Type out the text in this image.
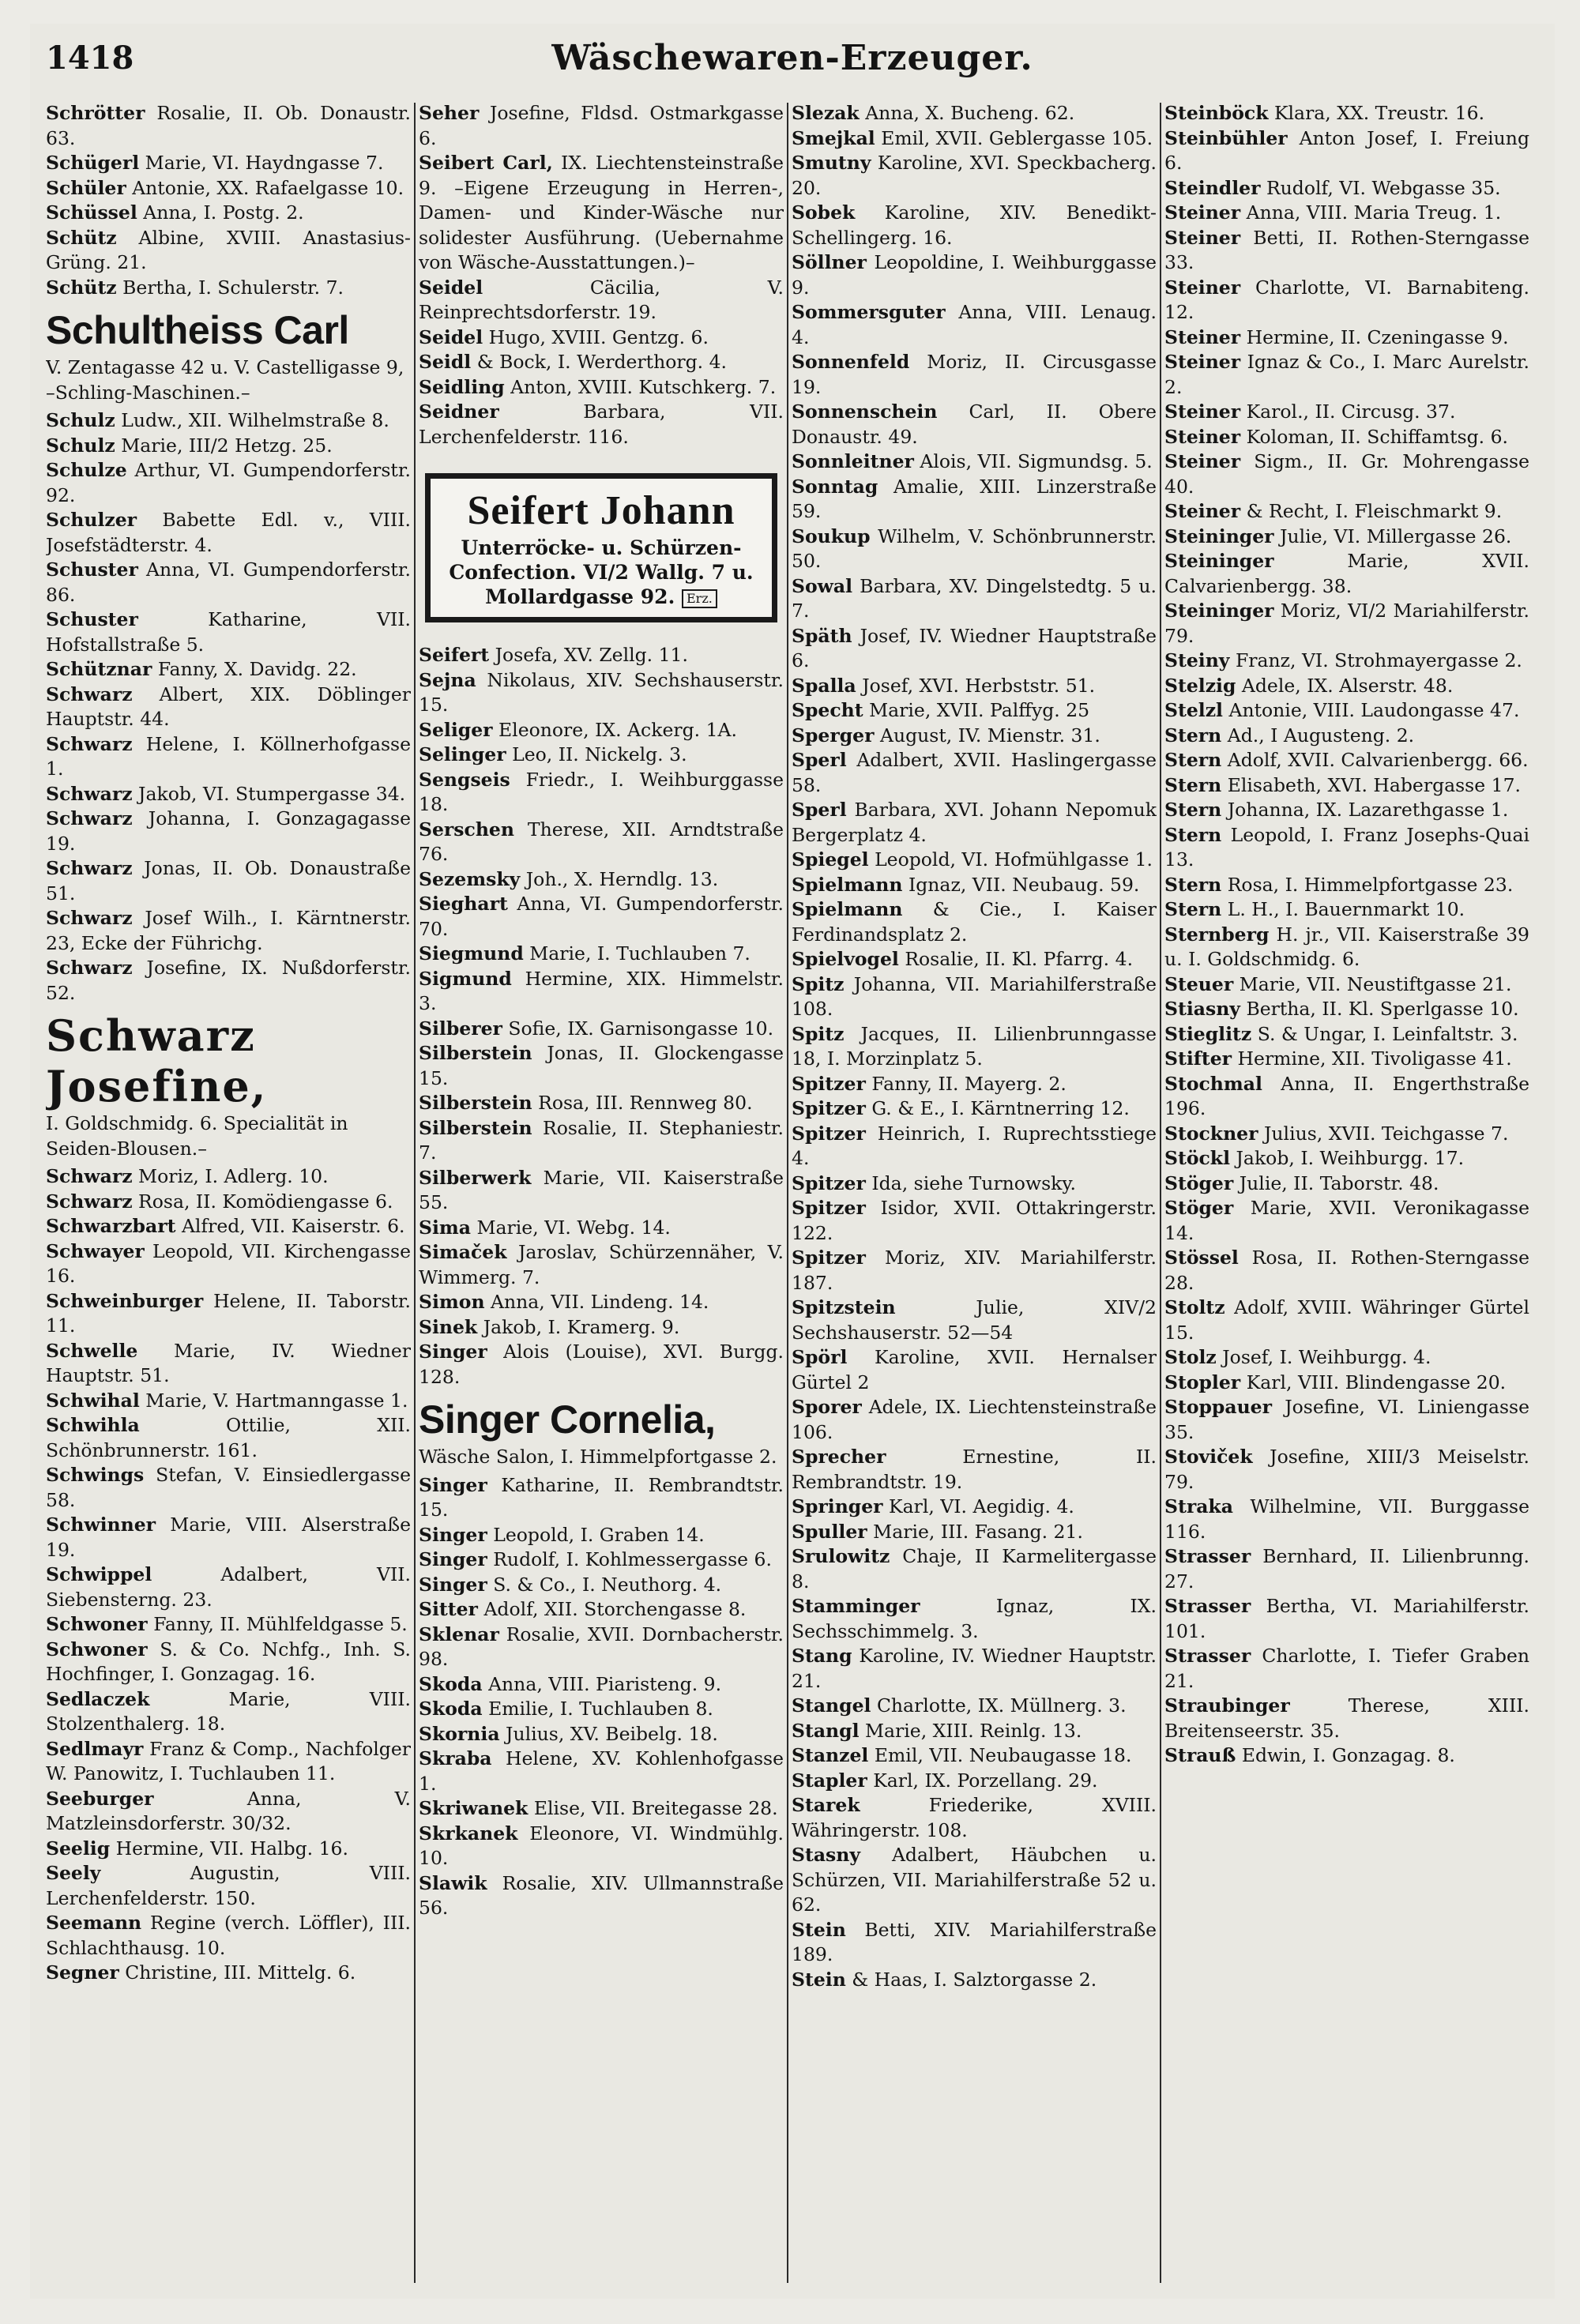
1418	Wäschewaren-Erzeuger.

Schrötter Rosalie, II. Ob. Donaustr. 63.

Schügerl Marie, VI. Haydngasse 7.

Schüler Antonie, XX. Rafaelgasse 10.

Schüssel Anna, I. Postg. 2.

Schütz Albine, XVIII. Anastasius-Grüng. 21.

Schütz Bertha, I. Schulerstr. 7.

Schultheiss Carl

V. Zentagasse 42 u. V. Castelligasse 9, –Schling-Maschinen.–

Schulz Ludw., XII. Wilhelmstraße 8.

Schulz Marie, III/2 Hetzg. 25.

Schulze Arthur, VI. Gumpendorferstr. 92.

Schulzer Babette Edl. v., VIII. Josefstädterstr. 4.

Schuster Anna, VI. Gumpendorferstr. 86.

Schuster	Katharine, VII. Hofstallstraße 5.

Schütznar Fanny, X. Davidg. 22.

Schwarz Albert, XIX. Döblinger Hauptstr. 44.

Schwarz Helene, I. Köllnerhofgasse 1.

Schwarz Jakob, VI. Stumpergasse 34.

Schwarz Johanna, I. Gonzagagasse 19.

Schwarz Jonas, II. Ob. Donaustraße 51.

Schwarz Josef Wilh., I. Kärntnerstr. 23, Ecke der Führichg.

Schwarz Josefine, IX. Nußdorferstr. 52.

Schwarz Josefine,

I. Goldschmidg. 6. Specialität in Seiden-Blousen.–

Schwarz Moriz, I. Adlerg. 10.

Schwarz Rosa, II. Komödiengasse 6.

Schwarzbart Alfred, VII. Kaiserstr. 6.

Schwayer Leopold, VII. Kirchengasse 16.

Schweinburger Helene, II. Taborstr. 11.

Schwelle Marie, IV. Wiedner Hauptstr. 51.

Schwihal Marie, V. Hartmanngasse 1.

Schwihla	Ottilie, XII. Schönbrunnerstr. 161.

Schwings Stefan, V. Einsiedlergasse 58.

Schwinner Marie, VIII. Alserstraße 19.

Schwippel	Adalbert, VII. Siebensterng. 23.

Schwoner Fanny, II. Mühlfeldgasse 5.

Schwoner S. & Co. Nchfg., Inh. S. Hochfinger, I. Gonzagag. 16.

Sedlaczek	Marie, VIII. Stolzenthalerg. 18.

Sedlmayr Franz & Comp., Nachfolger W. Panowitz, I. Tuchlauben 11.

Seeburger	Anna, V. Matzleinsdorferstr. 30/32.

Seelig Hermine, VII. Halbg. 16.

Seely	Augustin, VIII. Lerchenfelderstr. 150.

Seemann Regine (verch. Löffler), III. Schlachthausg. 10.

Segner Christine, III. Mittelg. 6.

Seher Josefine, Fldsd. Ostmarkgasse 6.

Seibert Carl, IX. Liechtensteinstraße 9. –Eigene Erzeugung in Herren-, Damen- und Kinder-Wäsche nur solidester Ausführung. (Uebernahme von Wäsche-Ausstattungen.)–

Seidel	Cäcilia, V. Reinprechtsdorferstr. 19.

Seidel Hugo, XVIII. Gentzg. 6.

Seidl & Bock, I. Werderthorg. 4.

Seidling Anton, XVIII. Kutschkerg. 7.

Seidner	Barbara, VII. Lerchenfelderstr. 116.

Seifert Johann
Unterröcke- u. Schürzen-Confection. VI/2 Wallg. 7 u. Mollardgasse 92. Erz.

Seifert Josefa, XV. Zellg. 11.

Sejna Nikolaus, XIV. Sechshauserstr. 15.

Seliger Eleonore, IX. Ackerg. 1A.

Selinger Leo, II. Nickelg. 3.

Sengseis Friedr., I. Weihburggasse 18.

Serschen Therese, XII. Arndtstraße 76.

Sezemsky Joh., X. Herndlg. 13.

Sieghart Anna, VI. Gumpendorferstr. 70.

Siegmund Marie, I. Tuchlauben 7.

Sigmund Hermine, XIX. Himmelstr. 3.

Silberer Sofie, IX. Garnisongasse 10.

Silberstein Jonas, II. Glockengasse 15.

Silberstein Rosa, III. Rennweg 80.

Silberstein Rosalie, II. Stephaniestr. 7.

Silberwerk Marie, VII. Kaiserstraße 55.

Sima Marie, VI. Webg. 14.

Simaček Jaroslav, Schürzennäher, V. Wimmerg. 7.

Simon Anna, VII. Lindeng. 14.

Sinek Jakob, I. Kramerg. 9.

Singer Alois (Louise), XVI. Burgg. 128.

Singer Cornelia,

Wäsche Salon, I. Himmelpfortgasse 2.

Singer Katharine, II. Rembrandtstr. 15.

Singer Leopold, I. Graben 14.

Singer Rudolf, I. Kohlmessergasse 6.

Singer S. & Co., I. Neuthorg. 4.

Sitter Adolf, XII. Storchengasse 8.

Sklenar Rosalie, XVII. Dornbacherstr. 98.

Skoda Anna, VIII. Piaristeng. 9.

Skoda Emilie, I. Tuchlauben 8.

Skornia Julius, XV. Beibelg. 18.

Skraba Helene, XV. Kohlenhofgasse 1.

Skriwanek Elise, VII. Breitegasse 28.

Skrkanek Eleonore, VI. Windmühlg. 10.

Slawik Rosalie, XIV. Ullmannstraße 56.

Slezak Anna, X. Bucheng. 62.

Smejkal Emil, XVII. Geblergasse 105.

Smutny Karoline, XVI. Speckbacherg. 20.

Sobek Karoline, XIV. Benedikt-Schellingerg. 16.

Söllner Leopoldine, I. Weihburggasse 9.

Sommersguter Anna, VIII. Lenaug. 4.

Sonnenfeld Moriz, II. Circusgasse 19.

Sonnenschein Carl, II. Obere Donaustr. 49.

Sonnleitner Alois, VII. Sigmundsg. 5.

Sonntag Amalie, XIII. Linzerstraße 59.

Soukup Wilhelm, V. Schönbrunnerstr. 50.

Sowal Barbara, XV. Dingelstedtg. 5 u. 7.

Späth Josef, IV. Wiedner Hauptstraße 6.

Spalla Josef, XVI. Herbststr. 51.

Specht Marie, XVII. Palffyg. 25

Sperger August, IV. Mienstr. 31.

Sperl Adalbert, XVII. Haslingergasse 58.

Sperl Barbara, XVI. Johann Nepomuk Bergerplatz 4.

Spiegel Leopold, VI. Hofmühlgasse 1.

Spielmann Ignaz, VII. Neubaug. 59.

Spielmann & Cie., I. Kaiser Ferdinandsplatz 2.

Spielvogel Rosalie, II. Kl. Pfarrg. 4.

Spitz Johanna, VII. Mariahilferstraße 108.

Spitz Jacques, II. Lilienbrunngasse 18, I. Morzinplatz 5.

Spitzer Fanny, II. Mayerg. 2.

Spitzer G. & E., I. Kärntnerring 12.

Spitzer Heinrich, I. Ruprechtsstiege 4.

Spitzer Ida, siehe Turnowsky.

Spitzer Isidor, XVII. Ottakringerstr. 122.

Spitzer Moriz, XIV. Mariahilferstr. 187.

Spitzstein	Julie, XIV/2 Sechshauserstr. 52—54

Spörl Karoline, XVII. Hernalser Gürtel 2

Sporer Adele, IX. Liechtensteinstraße 106.

Sprecher	Ernestine, II. Rembrandtstr. 19.

Springer Karl, VI. Aegidig. 4.

Spuller Marie, III. Fasang. 21.

Srulowitz Chaje, II Karmelitergasse 8.

Stamminger	Ignaz, IX. Sechsschimmelg. 3.

Stang Karoline, IV. Wiedner Hauptstr. 21.

Stangel Charlotte, IX. Müllnerg. 3.

Stangl Marie, XIII. Reinlg. 13.

Stanzel Emil, VII. Neubaugasse 18.

Stapler Karl, IX. Porzellang. 29.

Starek	Friederike, XVIII. Währingerstr. 108.

Stasny Adalbert, Häubchen u. Schürzen, VII. Mariahilferstraße 52 u. 62.

Stein Betti, XIV. Mariahilferstraße 189.

Stein & Haas, I. Salztorgasse 2.

Steinböck Klara, XX. Treustr. 16.

Steinbühler Anton Josef, I. Freiung 6.

Steindler Rudolf, VI. Webgasse 35.

Steiner Anna, VIII. Maria Treug. 1.

Steiner Betti, II. Rothen-Sterngasse 33.

Steiner Charlotte, VI. Barnabiteng. 12.

Steiner Hermine, II. Czeningasse 9.

Steiner Ignaz & Co., I. Marc Aurelstr. 2.

Steiner Karol., II. Circusg. 37.

Steiner Koloman, II. Schiffamtsg. 6.

Steiner Sigm., II. Gr. Mohrengasse 40.

Steiner & Recht, I. Fleischmarkt 9.

Steininger Julie, VI. Millergasse 26.

Steininger	Marie, XVII. Calvarienbergg. 38.

Steininger Moriz, VI/2 Mariahilferstr. 79.

Steiny Franz, VI. Strohmayergasse 2.

Stelzig Adele, IX. Alserstr. 48.

Stelzl Antonie, VIII. Laudongasse 47.

Stern Ad., I Augusteng. 2.

Stern Adolf, XVII. Calvarienbergg. 66.

Stern Elisabeth, XVI. Habergasse 17.

Stern Johanna, IX. Lazarethgasse 1.

Stern Leopold, I. Franz Josephs-Quai 13.

Stern Rosa, I. Himmelpfortgasse 23.

Stern L. H., I. Bauernmarkt 10.

Sternberg H. jr., VII. Kaiserstraße 39 u. I. Goldschmidg. 6.

Steuer Marie, VII. Neustiftgasse 21.

Stiasny Bertha, II. Kl. Sperlgasse 10.

Stieglitz S. & Ungar, I. Leinfaltstr. 3.

Stifter Hermine, XII. Tivoligasse 41.

Stochmal Anna, II. Engerthstraße 196.

Stockner Julius, XVII. Teichgasse 7.

Stöckl Jakob, I. Weihburgg. 17.

Stöger Julie, II. Taborstr. 48.

Stöger Marie, XVII. Veronikagasse 14.

Stössel Rosa, II. Rothen-Sterngasse 28.

Stoltz Adolf, XVIII. Währinger Gürtel 15.

Stolz Josef, I. Weihburgg. 4.

Stopler Karl, VIII. Blindengasse 20.

Stoppauer Josefine, VI. Liniengasse 35.

Stoviček Josefine, XIII/3 Meiselstr. 79.

Straka Wilhelmine, VII. Burggasse 116.

Strasser Bernhard, II. Lilienbrunng. 27.

Strasser Bertha, VI. Mariahilferstr. 101.

Strasser Charlotte, I. Tiefer Graben 21.

Straubinger	Therese, XIII. Breitenseerstr. 35.

Strauß Edwin, I. Gonzagag. 8.
